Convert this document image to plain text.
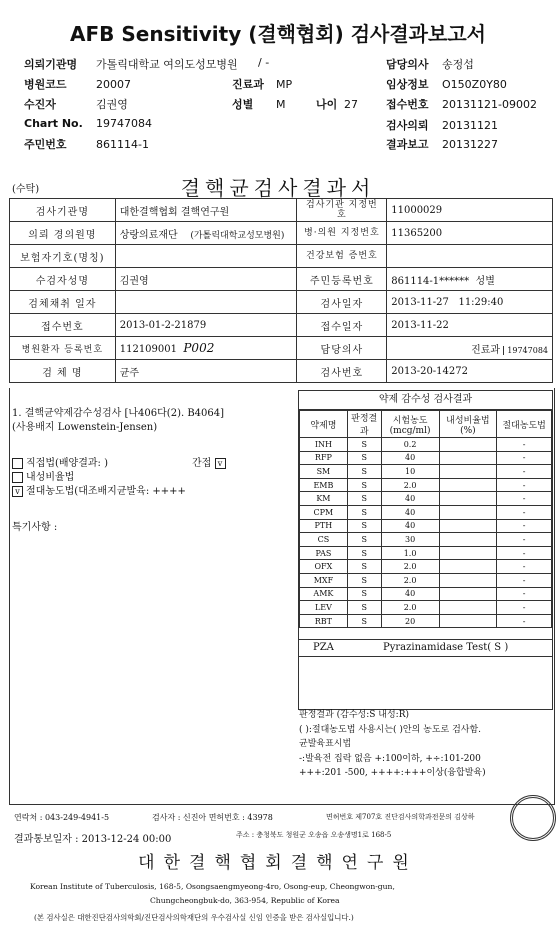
AFB Sensitivity (결핵협회) 검사결과보고서
의뢰기관명 가톨릭대학교 여의도성모병원
병원코드	20007
수진자	김권영
Chart No. 19747084
주민번호	861114-1
/ -
진료과 MP
성별 M	나이 27
담당의사 송정섭
임상정보 O150Z0Y80
접수번호 20131121-09002
검사의뢰 20131121
결과보고 20131227
(수탁)	결핵균검사결과서
검사기관명	대한결핵협회 결핵연구원	검사기관 지정번호	11000029
의뢰 경의원명	상랑의료재단 (가톨릭대학교성모병원)	병·의원 지정번호	11365200
보험자기호(명칭)		건강보험 증번호	
수검자성명	김권영	주민등록번호	861114-1****** 성별
검체채취 일자		검사일자	2013-11-27 11:29:40
접수번호	2013-01-2-21879	접수일자	2013-11-22
병원환자 등록번호	112109001 P002	담당의사	진료과 19747084
검 체 명	균주	검사번호	2013-20-14272
1. 결핵균약제감수성검사 [나406다(2). B4064]
(사용배지 Lowenstein-Jensen)
직접법(배양결과: )	간접 v
내성비율법
v 절대농도법(대조배지균발육: ++++
특기사항 :
약제 감수성 검사결과
약제명	판정결과	시험농도(mcg/ml)	내성비율법(%)	절대농도법
INH	S	0.2		-
RFP	S	40		-
SM	S	10		-
EMB	S	2.0		-
KM	S	40		-
CPM	S	40		-
PTH	S	40		-
CS	S	30		-
PAS	S	1.0		-
OFX	S	2.0		-
MXF	S	2.0		-
AMK	S	40		-
LEV	S	2.0		-
RBT	S	20		-
PZA	Pyrazinamidase Test( S )
판정결과 (감수성:S 내성:R)
( ):절대농도법 사용시는( )안의 농도로 검사함.
균발육표시법
-:발육전 집락 없음 +:100이하, +÷:101-200
+++:201 -500, ++++:+++이상(융합발육)
연락처 : 043-249-4941-5	검사자 : 신진아 면허번호 : 43978	면허번호 제707호 진단검사의학과전문의 김상하
결과통보일자 : 2013-12-24 00:00	주소 : 충청북도 청원군 오송읍 오송생명1로 168-5
대한결핵협회결핵연구원
Korean Institute of Tuberculosis, 168-5, Osongsaengmyeong-4ro, Osong-eup, Cheongwon-gun,
Chungcheongbuk-do, 363-954, Republic of Korea
(본 검사실은 대한진단검사의학회/진단검사의학재단의 우수검사실 신임 인증을 받은 검사실입니다.)
